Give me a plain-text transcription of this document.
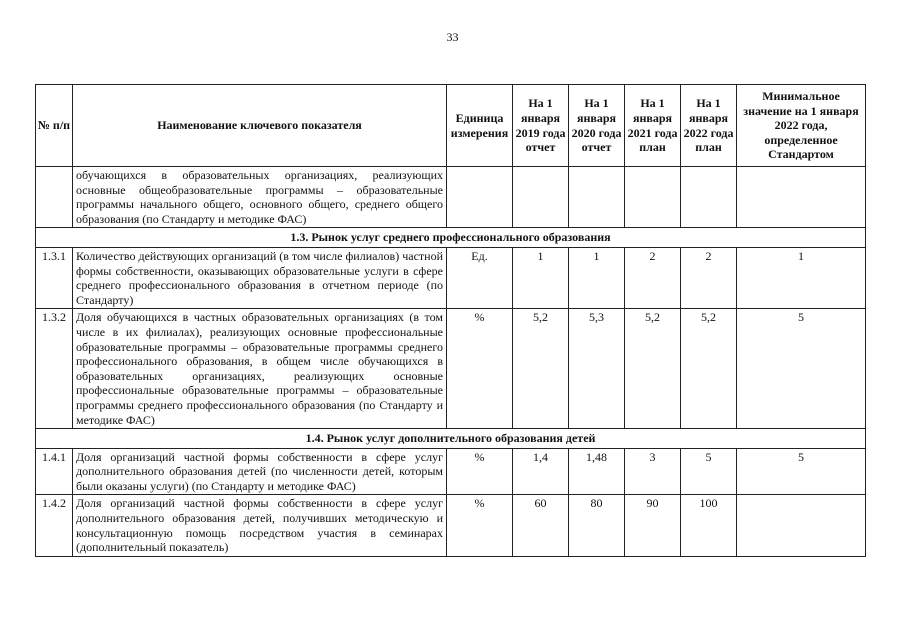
33
№ п/п	Наименование ключевого показателя	Единица измерения	На 1 января 2019 года отчет	На 1 января 2020 года отчет	На 1 января 2021 года план	На 1 января 2022 года план	Минимальное значение на 1 января 2022 года, определенное Стандартом
	обучающихся в образовательных организациях, реализующих основные общеобразовательные программы – образовательные программы начального общего, основного общего, среднего общего образования (по Стандарту и методике ФАС)						
1.3. Рынок услуг среднего профессионального образования							
1.3.1	Количество действующих организаций (в том числе филиалов) частной формы собственности, оказывающих образовательные услуги в сфере среднего профессионального образования в отчетном периоде (по Стандарту)	Ед.	1	1	2	2	1
1.3.2	Доля обучающихся в частных образовательных организациях (в том числе в их филиалах), реализующих основные профессиональные образовательные программы – образовательные программы среднего профессионального образования, в общем числе обучающихся в образовательных организациях, реализующих основные профессиональные образовательные программы – образовательные программы среднего профессионального образования (по Стандарту и методике ФАС)	%	5,2	5,3	5,2	5,2	5
1.4. Рынок услуг дополнительного образования детей							
1.4.1	Доля организаций частной формы собственности в сфере услуг дополнительного образования детей (по численности детей, которым были оказаны услуги) (по Стандарту и методике ФАС)	%	1,4	1,48	3	5	5
1.4.2	Доля организаций частной формы собственности в сфере услуг дополнительного образования детей, получивших методическую и консультационную помощь посредством участия в семинарах (дополнительный показатель)	%	60	80	90	100	
